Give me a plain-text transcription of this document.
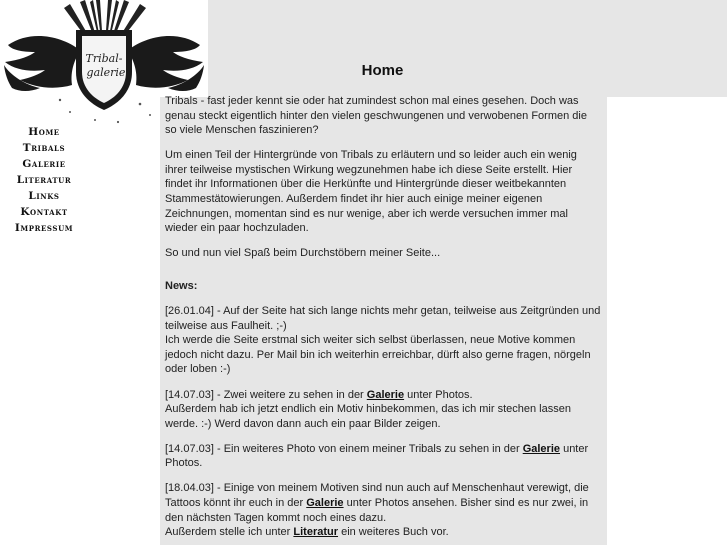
Tribal-
galerie
Home
Tribals
Galerie
Literatur
Links
Kontakt
Impressum
Home

Tribals - fast jeder kennt sie oder hat zumindest schon mal eines gesehen. Doch was genau steckt eigentlich hinter den vielen geschwungenen und verwobenen Formen die so viele Menschen faszinieren?

Um einen Teil der Hintergründe von Tribals zu erläutern und so leider auch ein wenig ihrer teilweise mystischen Wirkung wegzunehmen habe ich diese Seite erstellt. Hier findet ihr Informationen über die Herkünfte und Hintergründe dieser weitbekannten Stammestätowierungen. Außerdem findet ihr hier auch einige meiner eigenen Zeichnungen, momentan sind es nur wenige, aber ich werde versuchen immer mal wieder ein paar hochzuladen.

So und nun viel Spaß beim Durchstöbern meiner Seite...

News:

[26.01.04] - Auf der Seite hat sich lange nichts mehr getan, teilweise aus Zeitgründen und teilweise aus Faulheit. ;-)
Ich werde die Seite erstmal sich weiter sich selbst überlassen, neue Motive kommen jedoch nicht dazu. Per Mail bin ich weiterhin erreichbar, dürft also gerne fragen, nörgeln oder loben :-)

[14.07.03] - Zwei weitere zu sehen in der Galerie unter Photos.
Außerdem hab ich jetzt endlich ein Motiv hinbekommen, das ich mir stechen lassen werde. :-) Werd davon dann auch ein paar Bilder zeigen.

[14.07.03] - Ein weiteres Photo von einem meiner Tribals zu sehen in der Galerie unter Photos.

[18.04.03] - Einige von meinem Motiven sind nun auch auf Menschenhaut verewigt, die Tattoos könnt ihr euch in der Galerie unter Photos ansehen. Bisher sind es nur zwei, in den nächsten Tagen kommt noch eines dazu.
Außerdem stelle ich unter Literatur ein weiteres Buch vor.
